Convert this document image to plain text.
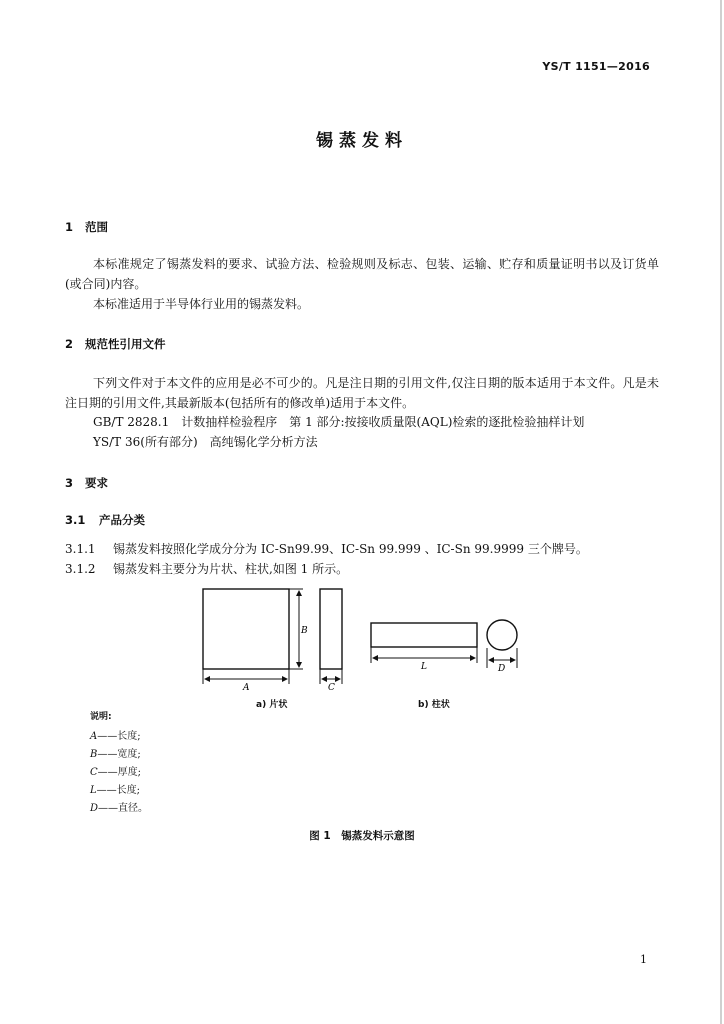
YS/T 1151—2016
锡蒸发料
1 范围
本标准规定了锡蒸发料的要求、试验方法、检验规则及标志、包装、运输、贮存和质量证明书以及订货单(或合同)内容。
本标准适用于半导体行业用的锡蒸发料。
2 规范性引用文件
下列文件对于本文件的应用是必不可少的。凡是注日期的引用文件,仅注日期的版本适用于本文件。凡是未注日期的引用文件,其最新版本(包括所有的修改单)适用于本文件。
GB/T 2828.1　计数抽样检验程序　第 1 部分:按接收质量限(AQL)检索的逐批检验抽样计划
YS/T 36(所有部分)　高纯锡化学分析方法
3 要求
3.1 产品分类
3.1.1 锡蒸发料按照化学成分分为 IC-Sn99.99、IC-Sn 99.999 、IC-Sn 99.9999 三个牌号。
3.1.2 锡蒸发料主要分为片状、柱状,如图 1 所示。
B
A	C
L	D
a) 片状	b) 柱状
说明:
A——长度;
B——宽度;
C——厚度;
L——长度;
D——直径。
图 1　锡蒸发料示意图
1
